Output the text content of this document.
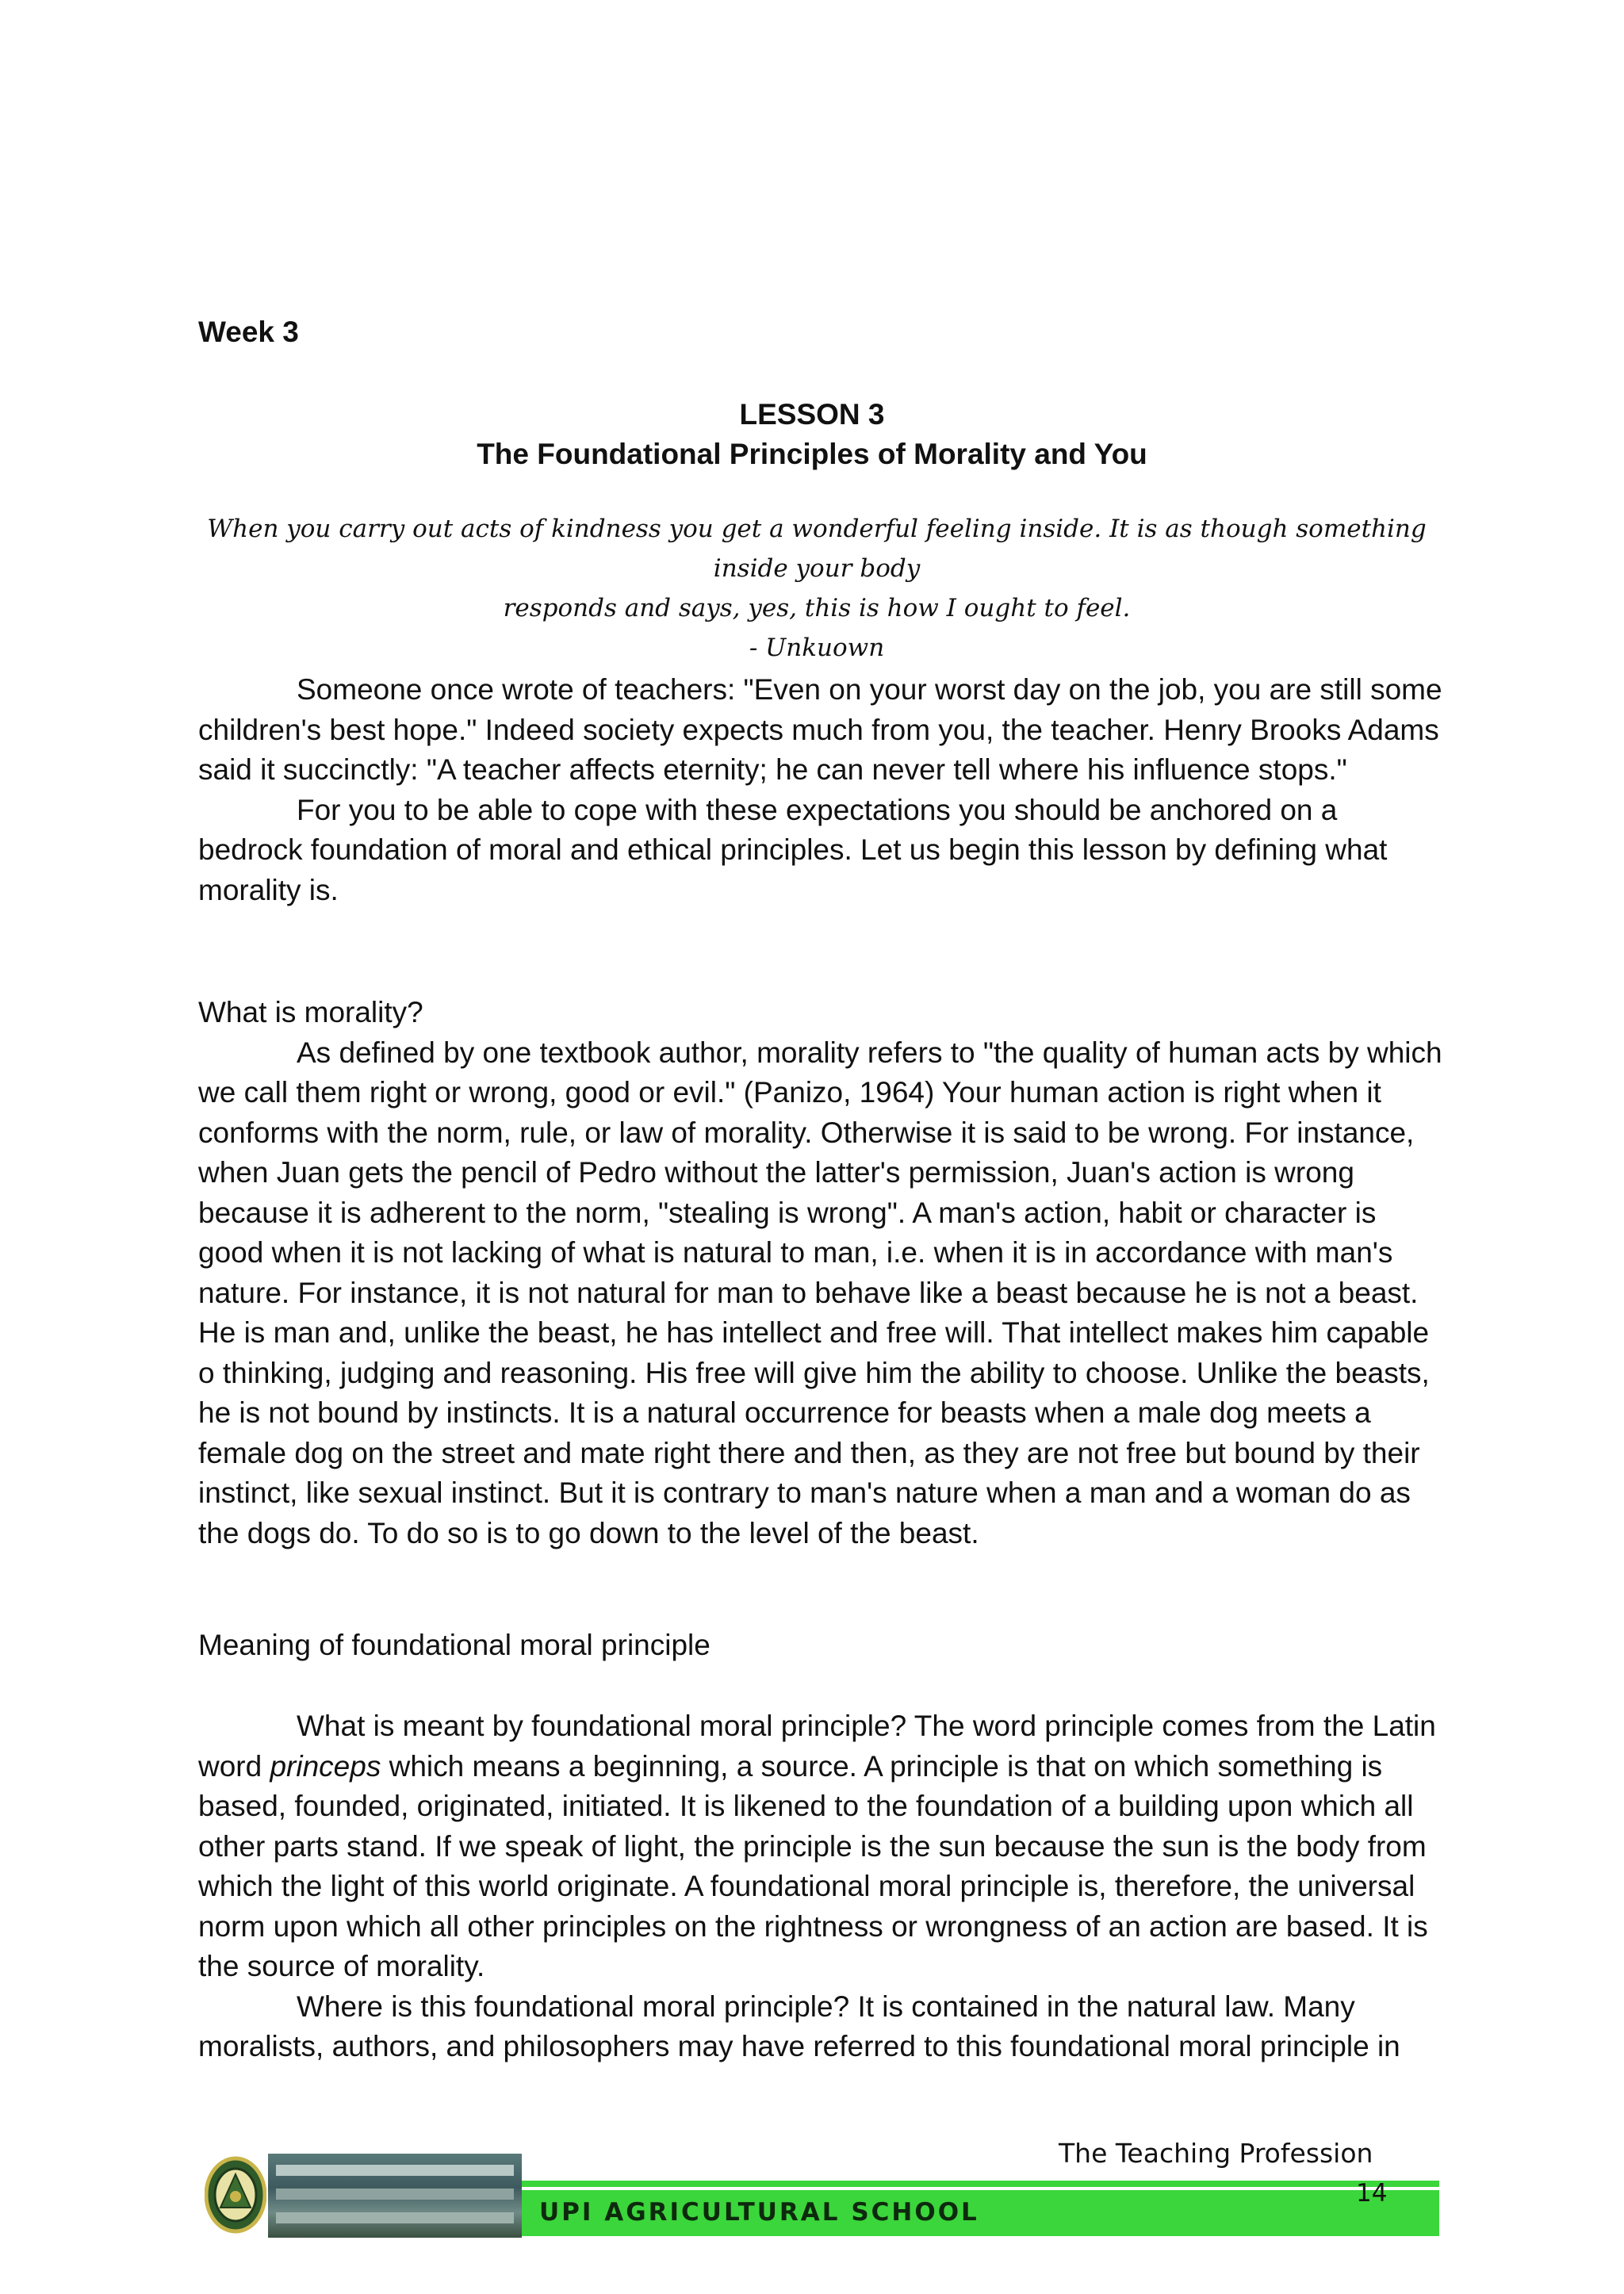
Week 3
LESSON 3
The Foundational Principles of Morality and You
When you carry out acts of kindness you get a wonderful feeling inside. It is as though something inside your body
responds and says, yes, this is how I ought to feel.
- Unkuown

Someone once wrote of teachers: "Even on your worst day on the job, you are still some children's best hope." Indeed society expects much from you, the teacher. Henry Brooks Adams said it succinctly: "A teacher affects eternity; he can never tell where his influence stops."

For you to be able to cope with these expectations you should be anchored on a bedrock foundation of moral and ethical principles. Let us begin this lesson by defining what morality is.

What is morality?

As defined by one textbook author, morality refers to "the quality of human acts by which we call them right or wrong, good or evil." (Panizo, 1964) Your human action is right when it conforms with the norm, rule, or law of morality. Otherwise it is said to be wrong. For instance, when Juan gets the pencil of Pedro without the latter's permission, Juan's action is wrong because it is adherent to the norm, "stealing is wrong". A man's action, habit or character is good when it is not lacking of what is natural to man, i.e. when it is in accordance with man's nature. For instance, it is not natural for man to behave like a beast because he is not a beast. He is man and, unlike the beast, he has intellect and free will. That intellect makes him capable o thinking, judging and reasoning. His free will give him the ability to choose. Unlike the beasts, he is not bound by instincts. It is a natural occurrence for beasts when a male dog meets a female dog on the street and mate right there and then, as they are not free but bound by their instinct, like sexual instinct. But it is contrary to man's nature when a man and a woman do as the dogs do. To do so is to go down to the level of the beast.

Meaning of foundational moral principle

What is meant by foundational moral principle? The word principle comes from the Latin word princeps which means a beginning, a source. A principle is that on which something is based, founded, originated, initiated. It is likened to the foundation of a building upon which all other parts stand. If we speak of light, the principle is the sun because the sun is the body from which the light of this world originate. A foundational moral principle is, therefore, the universal norm upon which all other principles on the rightness or wrongness of an action are based. It is the source of morality.

Where is this foundational moral principle? It is contained in the natural law. Many moralists, authors, and philosophers may have referred to this foundational moral principle in

The Teaching Profession
14
UPI AGRICULTURAL SCHOOL
